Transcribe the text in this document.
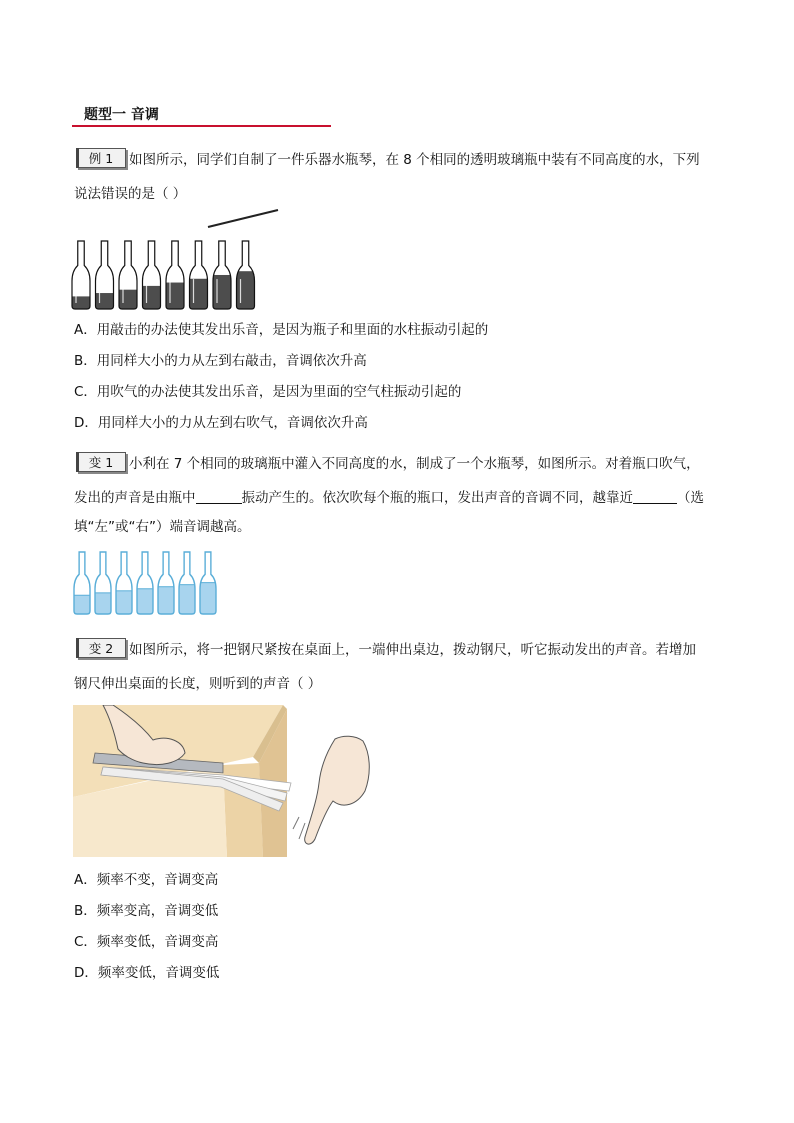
题型一 音调
例 1	如图所示，同学们自制了一件乐器水瓶琴，在 8 个相同的透明玻璃瓶中装有不同高度的水，下列
说法错误的是（ ）
A．用敲击的办法使其发出乐音，是因为瓶子和里面的水柱振动引起的
B．用同样大小的力从左到右敲击，音调依次升高
C．用吹气的办法使其发出乐音，是因为里面的空气柱振动引起的
D．用同样大小的力从左到右吹气，音调依次升高
变 1	小利在 7 个相同的玻璃瓶中灌入不同高度的水，制成了一个水瓶琴，如图所示。对着瓶口吹气，
发出的声音是由瓶中	振动产生的。依次吹每个瓶的瓶口，发出声音的音调不同，越靠近	（选
填“左”或“右”）端音调越高。
变 2	如图所示，将一把钢尺紧按在桌面上，一端伸出桌边，拨动钢尺，听它振动发出的声音。若增加
钢尺伸出桌面的长度，则听到的声音（ ）
A．频率不变，音调变高
B．频率变高，音调变低
C．频率变低，音调变高
D．频率变低，音调变低
